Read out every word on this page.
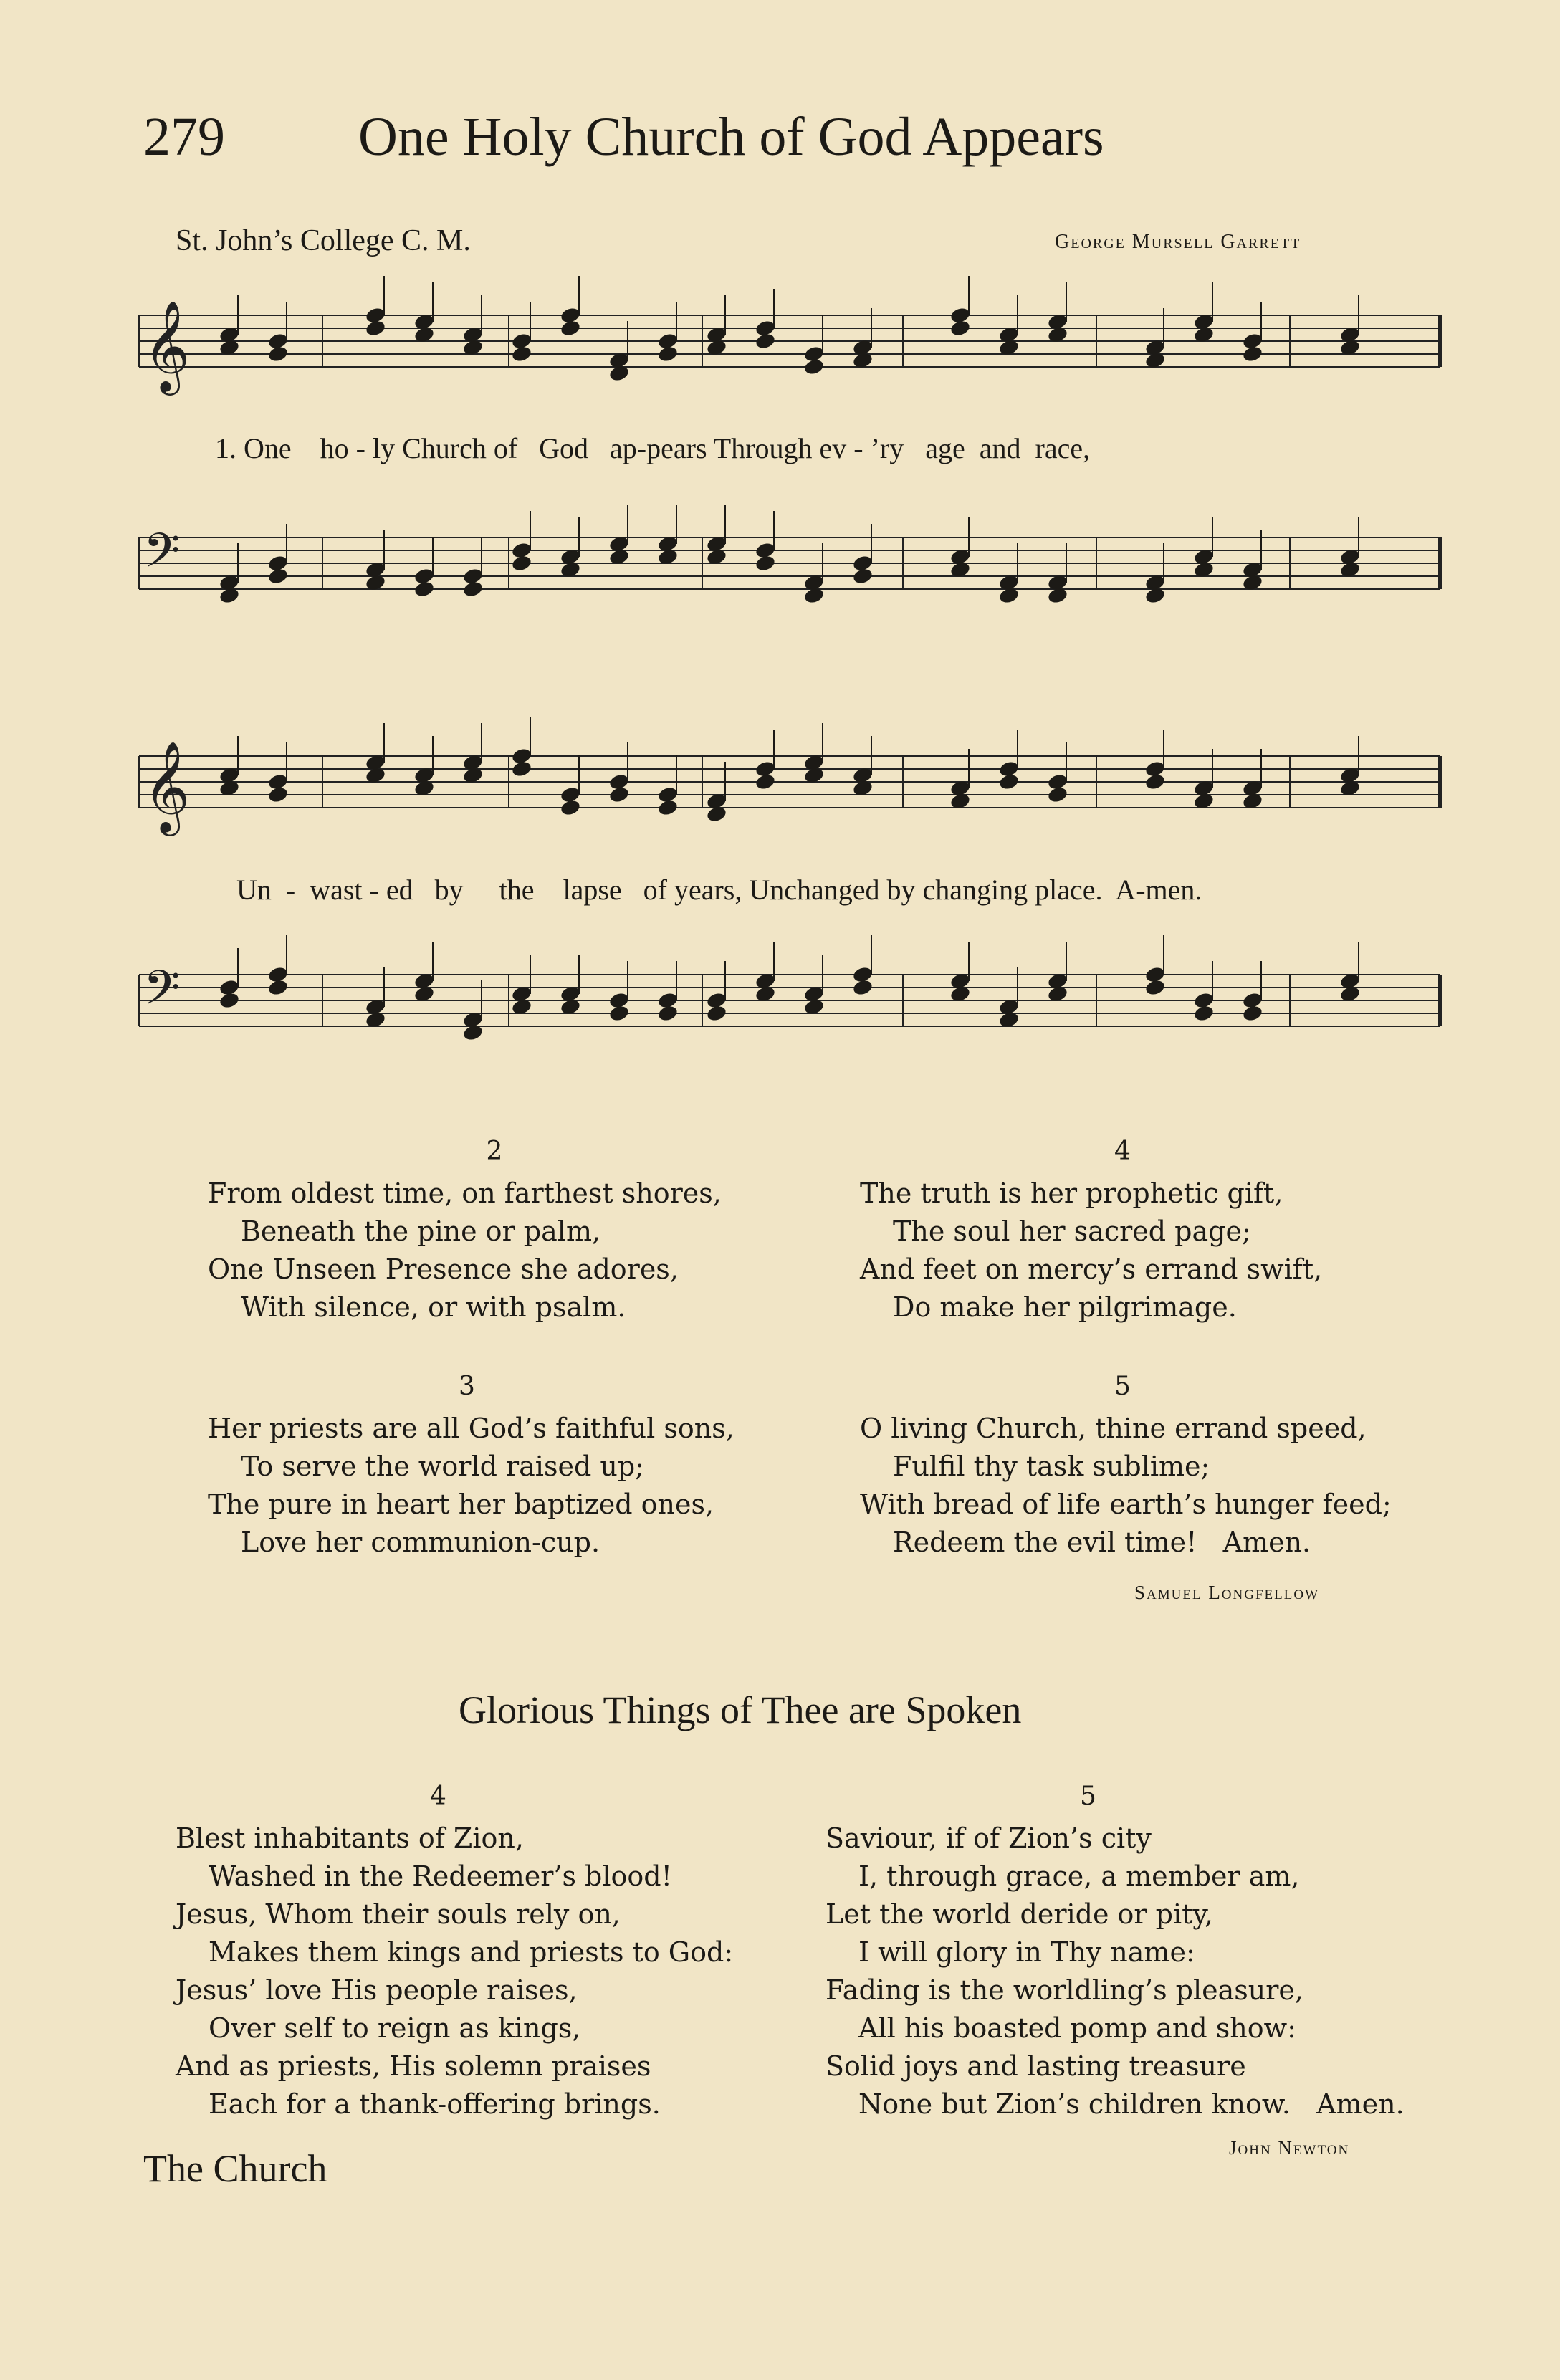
279 One Holy Church of God Appears
St. John’s College C. M.	George Mursell Garrett
𝄞
1. One    ho - ly Church of   God   ap-pears Through ev - ’ry   age  and  race,
𝄢
𝄞
Un  -  wast - ed   by     the    lapse   of years, Unchanged by changing place.  A-men.
𝄢
2
From oldest time, on farthest shores,
Beneath the pine or palm,
One Unseen Presence she adores,
With silence, or with psalm.
4
The truth is her prophetic gift,
The soul her sacred page;
And feet on mercy’s errand swift,
Do make her pilgrimage.
3
Her priests are all God’s faithful sons,
To serve the world raised up;
The pure in heart her baptized ones,
Love her communion-cup.
5
O living Church, thine errand speed,
Fulfil thy task sublime;
With bread of life earth’s hunger feed;
Redeem the evil time!   Amen.
Samuel Longfellow
Glorious Things of Thee are Spoken
4
Blest inhabitants of Zion,
Washed in the Redeemer’s blood!
Jesus, Whom their souls rely on,
Makes them kings and priests to God:
Jesus’ love His people raises,
Over self to reign as kings,
And as priests, His solemn praises
Each for a thank-offering brings.
5
Saviour, if of Zion’s city
I, through grace, a member am,
Let the world deride or pity,
I will glory in Thy name:
Fading is the worldling’s pleasure,
All his boasted pomp and show:
Solid joys and lasting treasure
None but Zion’s children know.   Amen.
John Newton
The Church
